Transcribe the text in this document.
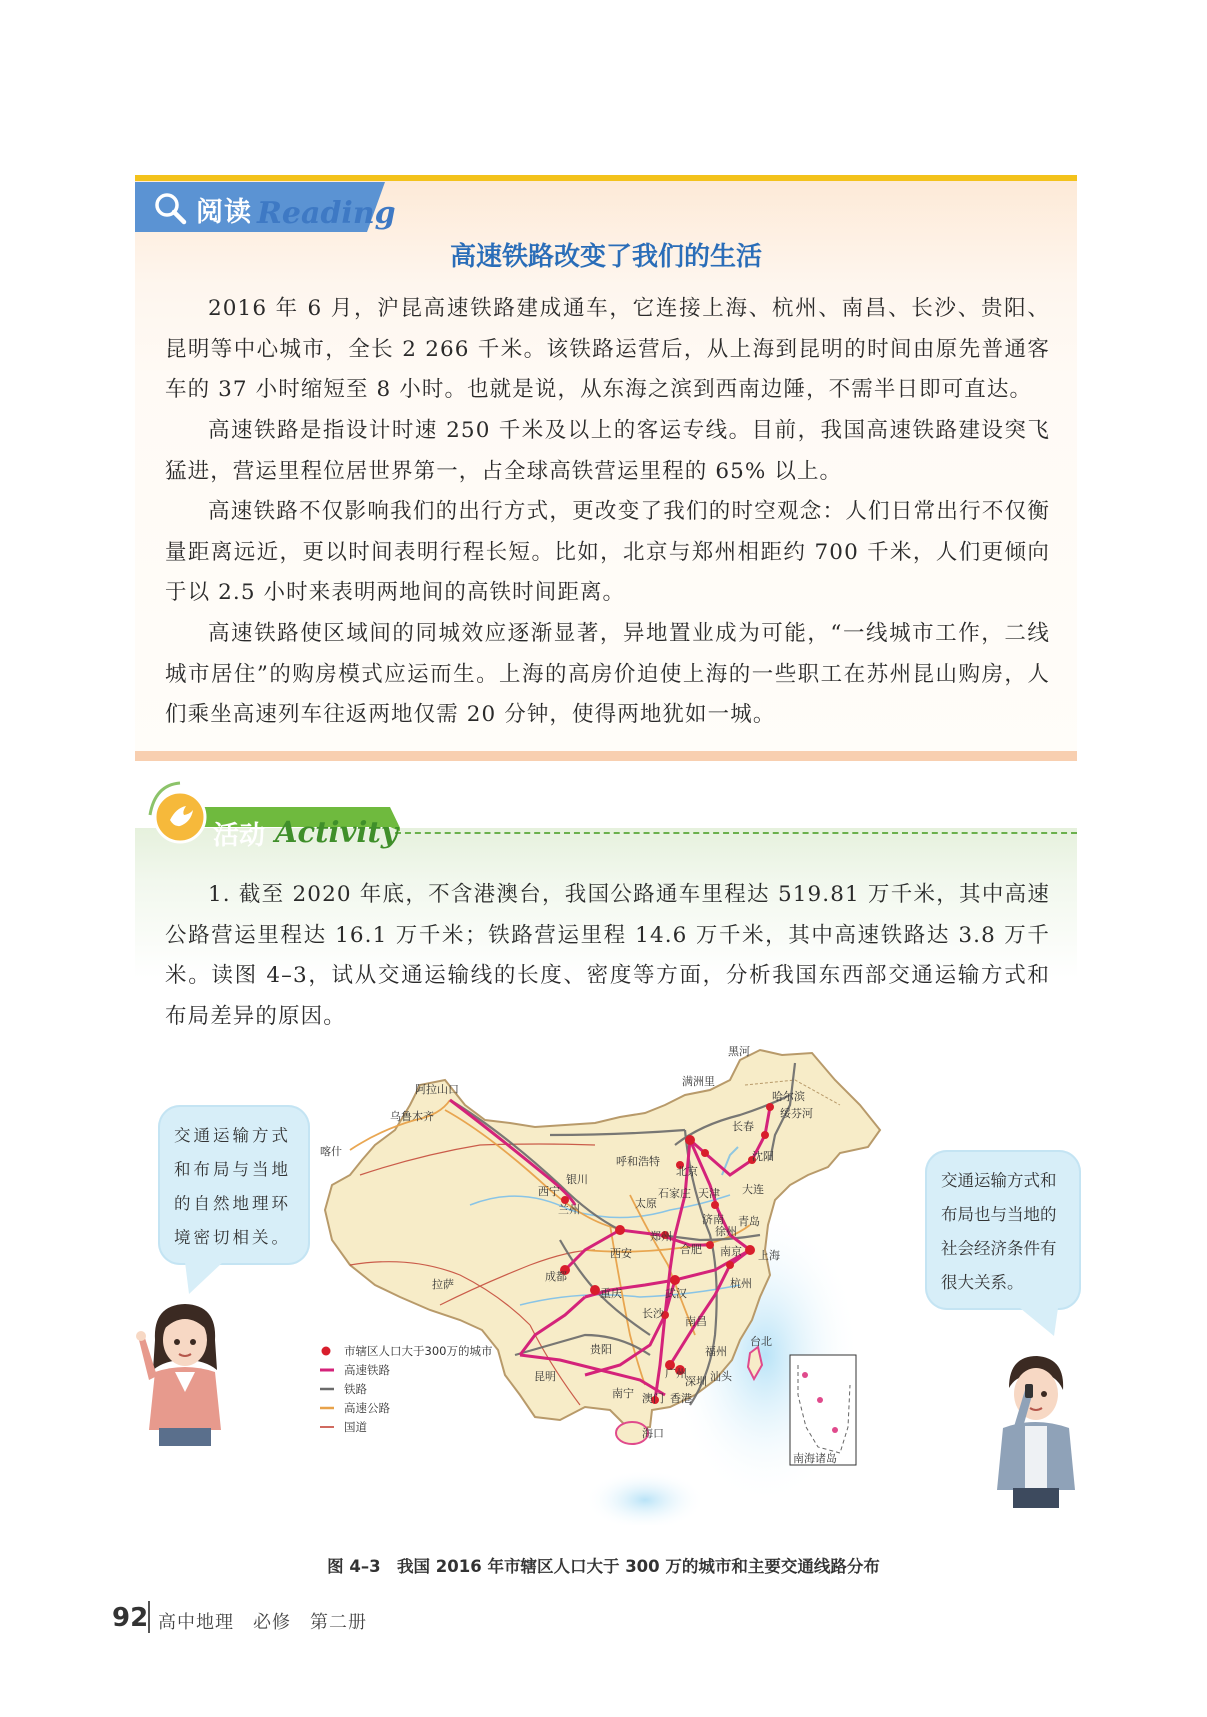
阅读 Reading
高速铁路改变了我们的生活

2016 年 6 月，沪昆高速铁路建成通车，它连接上海、杭州、南昌、长沙、贵阳、昆明等中心城市，全长 2 266 千米。该铁路运营后，从上海到昆明的时间由原先普通客车的 37 小时缩短至 8 小时。也就是说，从东海之滨到西南边陲，不需半日即可直达。

高速铁路是指设计时速 250 千米及以上的客运专线。目前，我国高速铁路建设突飞猛进，营运里程位居世界第一，占全球高铁营运里程的 65% 以上。

高速铁路不仅影响我们的出行方式，更改变了我们的时空观念：人们日常出行不仅衡量距离远近，更以时间表明行程长短。比如，北京与郑州相距约 700 千米，人们更倾向于以 2.5 小时来表明两地间的高铁时间距离。

高速铁路使区域间的同城效应逐渐显著，异地置业成为可能，“一线城市工作，二线城市居住”的购房模式应运而生。上海的高房价迫使上海的一些职工在苏州昆山购房，人们乘坐高速列车往返两地仅需 20 分钟，使得两地犹如一城。

活动 Activity

1. 截至 2020 年底，不含港澳台，我国公路通车里程达 519.81 万千米，其中高速公路营运里程达 16.1 万千米；铁路营运里程 14.6 万千米，其中高速铁路达 3.8 万千米。读图 4–3，试从交通运输线的长度、密度等方面，分析我国东西部交通运输方式和布局差异的原因。

交通运输方式和布局与当地的自然地理环境密切相关。
交通运输方式和布局也与当地的社会经济条件有很大关系。
南海诸岛
黑河
满洲里
哈尔滨
绥芬河
长春
沈阳
阿拉山口
乌鲁木齐
喀什
呼和浩特
北京
天津 大连
石家庄
太原
济南 青岛
银川
兰州
西宁
郑州	徐州
西安	合肥 南京 上海
成都
重庆	武汉
杭州
拉萨
长沙
南昌
福州
贵阳
昆明	广州
深圳 汕头
台北
南宁 澳门 香港
海口
市辖区人口大于300万的城市
高速铁路
铁路
高速公路
国道
图 4–3　我国 2016 年市辖区人口大于 300 万的城市和主要交通线路分布
92 高中地理　必修　第二册
